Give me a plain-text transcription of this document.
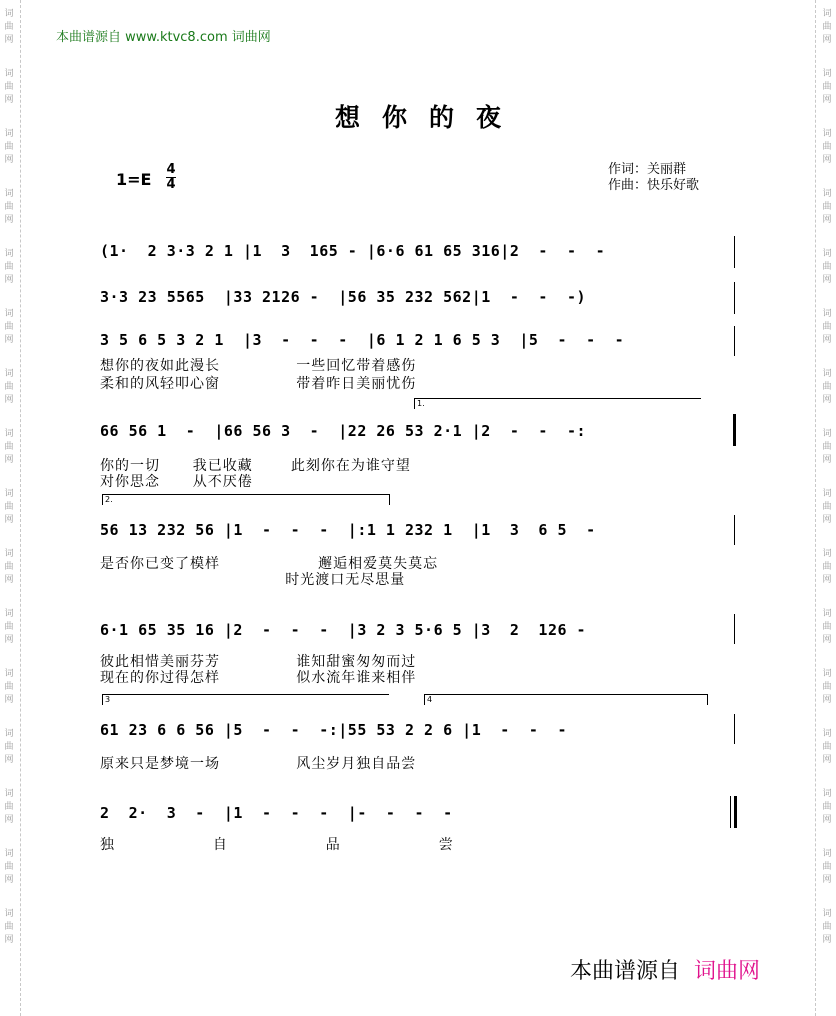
词
曲
网
词
曲
网
词
曲
网
词
曲
网
词
曲
网
词
曲
网
词
曲
网
词
曲
网
词
曲
网
词
曲
网
词
曲
网
词
曲
网
词
曲
网
词
曲
网
词
曲
网
词
曲
网
词
曲
网
词
曲
网
词
曲
网
词
曲
网
词
曲
网
词
曲
网
词
曲
网
词
曲
网
词
曲
网
词
曲
网
词
曲
网
词
曲
网
词
曲
网
词
曲
网
词
曲
网
词
曲
网
本曲谱源自 www.ktvc8.com 词曲网
想你的夜
1=E
4
4
作词：关丽群
作曲：快乐好歌
(1·  2 3·3 2 1 |1  3  165 - |6·6 61 65 316|2  -  -  -
3·3 23 5565  |33 2126 -  |56 35 232 562|1  -  -  -)
3 5 6 5 3 2 1  |3  -  -  -  |6 1 2 1 6 5 3  |5  -  -  -
想你的夜如此漫长              一些回忆带着感伤
柔和的风轻叩心窗              带着昨日美丽忧伤
1.
66 56 1  -  |66 56 3  -  |22 26 53 2·1 |2  -  -  -:
你的一切      我已收藏       此刻你在为谁守望
对你思念      从不厌倦
2.
56 13 232 56 |1  -  -  -  |:1 1 232 1  |1  3  6 5  -
是否你已变了模样                  邂逅相爱莫失莫忘
时光渡口无尽思量
6·1 65 35 16 |2  -  -  -  |3 2 3 5·6 5 |3  2  126 -
彼此相惜美丽芬芳              谁知甜蜜匆匆而过
现在的你过得怎样              似水流年谁来相伴
3	4
61 23 6 6 56 |5  -  -  -:|55 53 2 2 6 |1  -  -  -
原来只是梦境一场              风尘岁月独自品尝
2  2·  3  -  |1  -  -  -  |-  -  -  -
独  自  品  尝
本曲谱源自 词曲网
